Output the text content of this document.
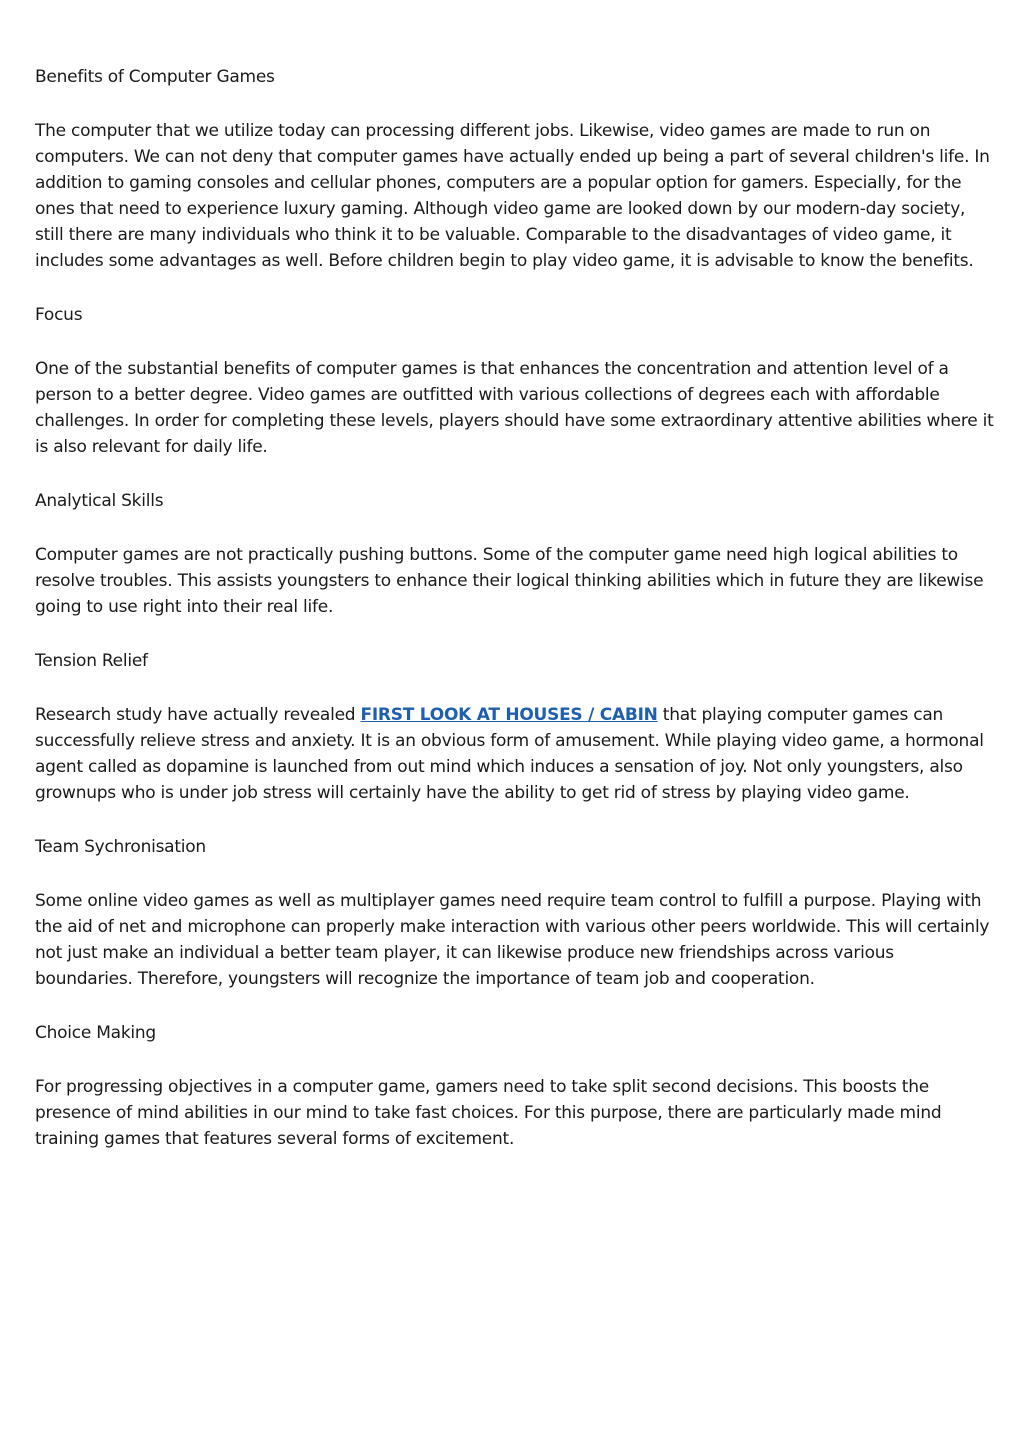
Benefits of Computer Games

The computer that we utilize today can processing different jobs. Likewise, video games are made to run on computers. We can not deny that computer games have actually ended up being a part of several children's life. In addition to gaming consoles and cellular phones, computers are a popular option for gamers. Especially, for the ones that need to experience luxury gaming. Although video game are looked down by our modern-day society, still there are many individuals who think it to be valuable. Comparable to the disadvantages of video game, it includes some advantages as well. Before children begin to play video game, it is advisable to know the benefits.

Focus

One of the substantial benefits of computer games is that enhances the concentration and attention level of a person to a better degree. Video games are outfitted with various collections of degrees each with affordable challenges. In order for completing these levels, players should have some extraordinary attentive abilities where it is also relevant for daily life.

Analytical Skills

Computer games are not practically pushing buttons. Some of the computer game need high logical abilities to resolve troubles. This assists youngsters to enhance their logical thinking abilities which in future they are likewise going to use right into their real life.

Tension Relief

Research study have actually revealed FIRST LOOK AT HOUSES / CABIN that playing computer games can successfully relieve stress and anxiety. It is an obvious form of amusement. While playing video game, a hormonal agent called as dopamine is launched from out mind which induces a sensation of joy. Not only youngsters, also grownups who is under job stress will certainly have the ability to get rid of stress by playing video game.

Team Sychronisation

Some online video games as well as multiplayer games need require team control to fulfill a purpose. Playing with the aid of net and microphone can properly make interaction with various other peers worldwide. This will certainly not just make an individual a better team player, it can likewise produce new friendships across various boundaries. Therefore, youngsters will recognize the importance of team job and cooperation.

Choice Making

For progressing objectives in a computer game, gamers need to take split second decisions. This boosts the presence of mind abilities in our mind to take fast choices. For this purpose, there are particularly made mind training games that features several forms of excitement.
